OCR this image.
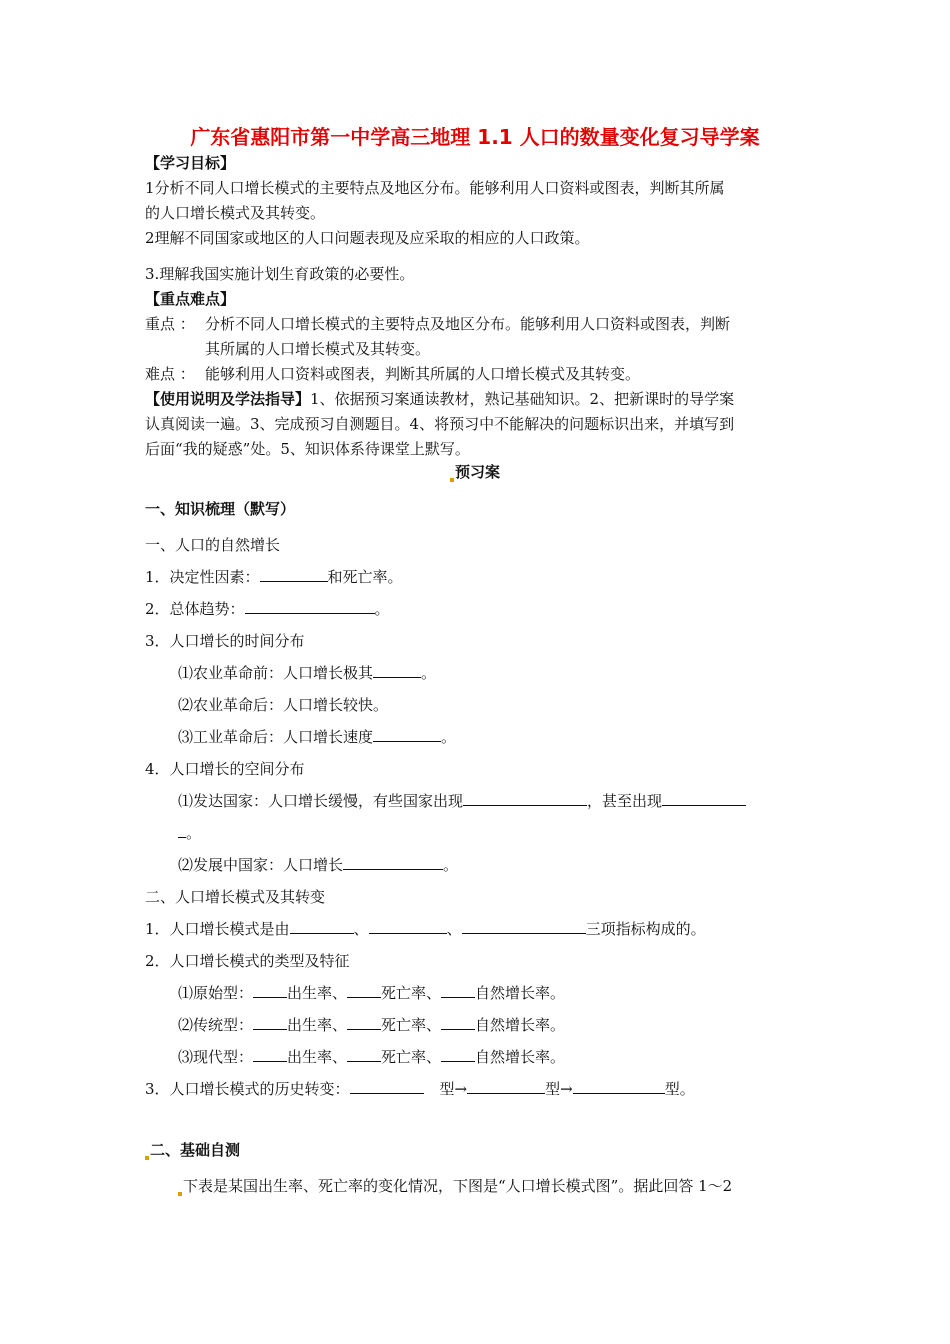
广东省惠阳市第一中学高三地理 1.1 人口的数量变化复习导学案
【学习目标】
1分析不同人口增长模式的主要特点及地区分布。能够利用人口资料或图表，判断其所属
的人口增长模式及其转变。
2理解不同国家或地区的人口问题表现及应采取的相应的人口政策。
3.理解我国实施计划生育政策的必要性。
【重点难点】
重点 ： 分析不同人口增长模式的主要特点及地区分布。能够利用人口资料或图表，判断
其所属的人口增长模式及其转变。
难点 ： 能够利用人口资料或图表，判断其所属的人口增长模式及其转变。
【使用说明及学法指导】1、依据预习案通读教材，熟记基础知识。2、把新课时的导学案
认真阅读一遍。3、完成预习自测题目。4、将预习中不能解决的问题标识出来，并填写到
后面“我的疑惑”处。5、知识体系待课堂上默写。
预习案
一、知识梳理（默写）
一、人口的自然增长
1．决定性因素：	和死亡率。
2．总体趋势：	。
3．人口增长的时间分布
⑴农业革命前：人口增长极其	。
⑵农业革命后：人口增长较快。
⑶工业革命后：人口增长速度	。
4．人口增长的空间分布
⑴发达国家：人口增长缓慢，有些国家出现	，甚至出现
。
⑵发展中国家：人口增长	。
二、人口增长模式及其转变
1．人口增长模式是由	、	、	三项指标构成的。
2．人口增长模式的类型及特征
⑴原始型： 出生率、 死亡率、 自然增长率。
⑵传统型： 出生率、 死亡率、 自然增长率。
⑶现代型： 出生率、 死亡率、 自然增长率。
3．人口增长模式的历史转变：	型→	型→	型。
二、基础自测
下表是某国出生率、死亡率的变化情况，下图是“人口增长模式图”。据此回答 1～2
